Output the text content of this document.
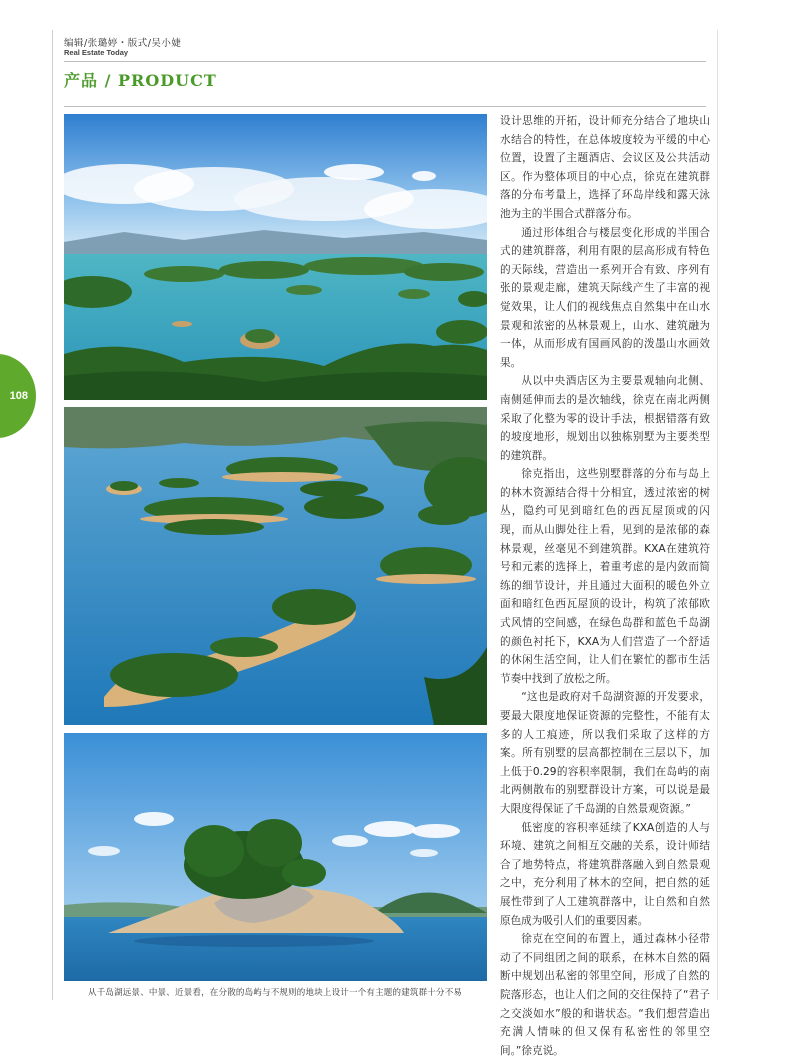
编辑/张璐婷・版式/吴小婕
Real Estate Today
产品 / PRODUCT
108
从千岛湖远景、中景、近景看，在分散的岛屿与不规则的地块上设计一个有主题的建筑群十分不易

设计思维的开拓，设计师充分结合了地块山水结合的特性，在总体坡度较为平缓的中心位置，设置了主题酒店、会议区及公共活动区。作为整体项目的中心点，徐克在建筑群落的分布考量上，选择了环岛岸线和露天泳池为主的半围合式群落分布。

通过形体组合与楼层变化形成的半围合式的建筑群落，利用有限的层高形成有特色的天际线，营造出一系列开合有致、序列有张的景观走廊，建筑天际线产生了丰富的视觉效果，让人们的视线焦点自然集中在山水景观和浓密的丛林景观上，山水、建筑融为一体，从而形成有国画风韵的泼墨山水画效果。

从以中央酒店区为主要景观轴向北侧、南侧延伸而去的是次轴线，徐克在南北两侧采取了化整为零的设计手法，根据错落有致的坡度地形，规划出以独栋别墅为主要类型的建筑群。

徐克指出，这些别墅群落的分布与岛上的林木资源结合得十分相宜，透过浓密的树丛，隐约可见到暗红色的西瓦屋顶或的闪现，而从山脚处往上看，见到的是浓郁的森林景观，丝毫见不到建筑群。KXA在建筑符号和元素的选择上，着重考虑的是内敛而简练的细节设计，并且通过大面积的暖色外立面和暗红色西瓦屋顶的设计，构筑了浓郁欧式风情的空间感，在绿色岛群和蓝色千岛湖的颜色衬托下，KXA为人们营造了一个舒适的休闲生活空间，让人们在繁忙的都市生活节奏中找到了放松之所。

“这也是政府对千岛湖资源的开发要求，要最大限度地保证资源的完整性，不能有太多的人工痕迹，所以我们采取了这样的方案。所有别墅的层高都控制在三层以下，加上低于0.29的容积率限制，我们在岛屿的南北两侧散布的别墅群设计方案，可以说是最大限度得保证了千岛湖的自然景观资源。”

低密度的容积率延续了KXA创造的人与环境、建筑之间相互交融的关系，设计师结合了地势特点，将建筑群落融入到自然景观之中，充分利用了林木的空间，把自然的延展性带到了人工建筑群落中，让自然和自然原色成为吸引人们的重要因素。

徐克在空间的布置上，通过森林小径带动了不同组团之间的联系，在林木自然的隔断中规划出私密的邻里空间，形成了自然的院落形态，也让人们之间的交往保持了“君子之交淡如水”般的和谐状态。“我们想营造出充满人情味的但又保有私密性的邻里空间。”徐克说。
